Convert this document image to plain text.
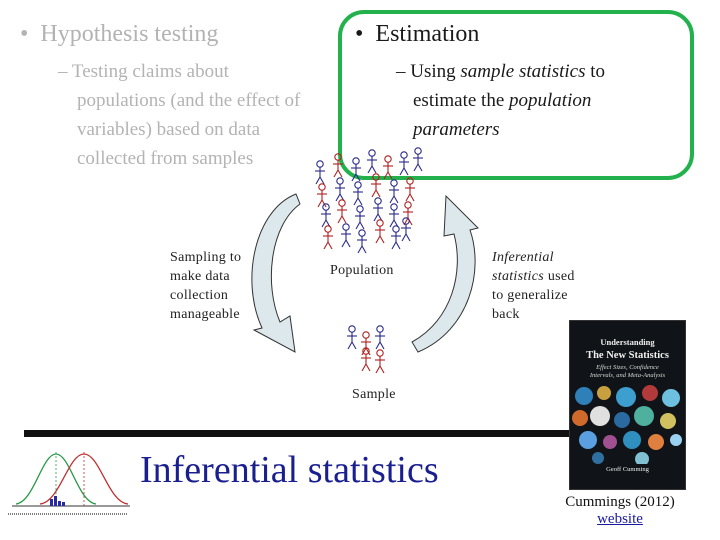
•  Hypothesis testing
– Testing claims about
populations (and the effect of
variables) based on data
collected from samples
•  Estimation
– Using sample statistics to
estimate the population
parameters
Sampling to
make data
collection
manageable
Population
Inferential
statistics used
to generalize
back
Sample
Inferential statistics
Understanding
The New Statistics
Effect Sizes, Confidence
Intervals, and Meta-Analysis
Geoff Cumming
Cummings (2012)
website
